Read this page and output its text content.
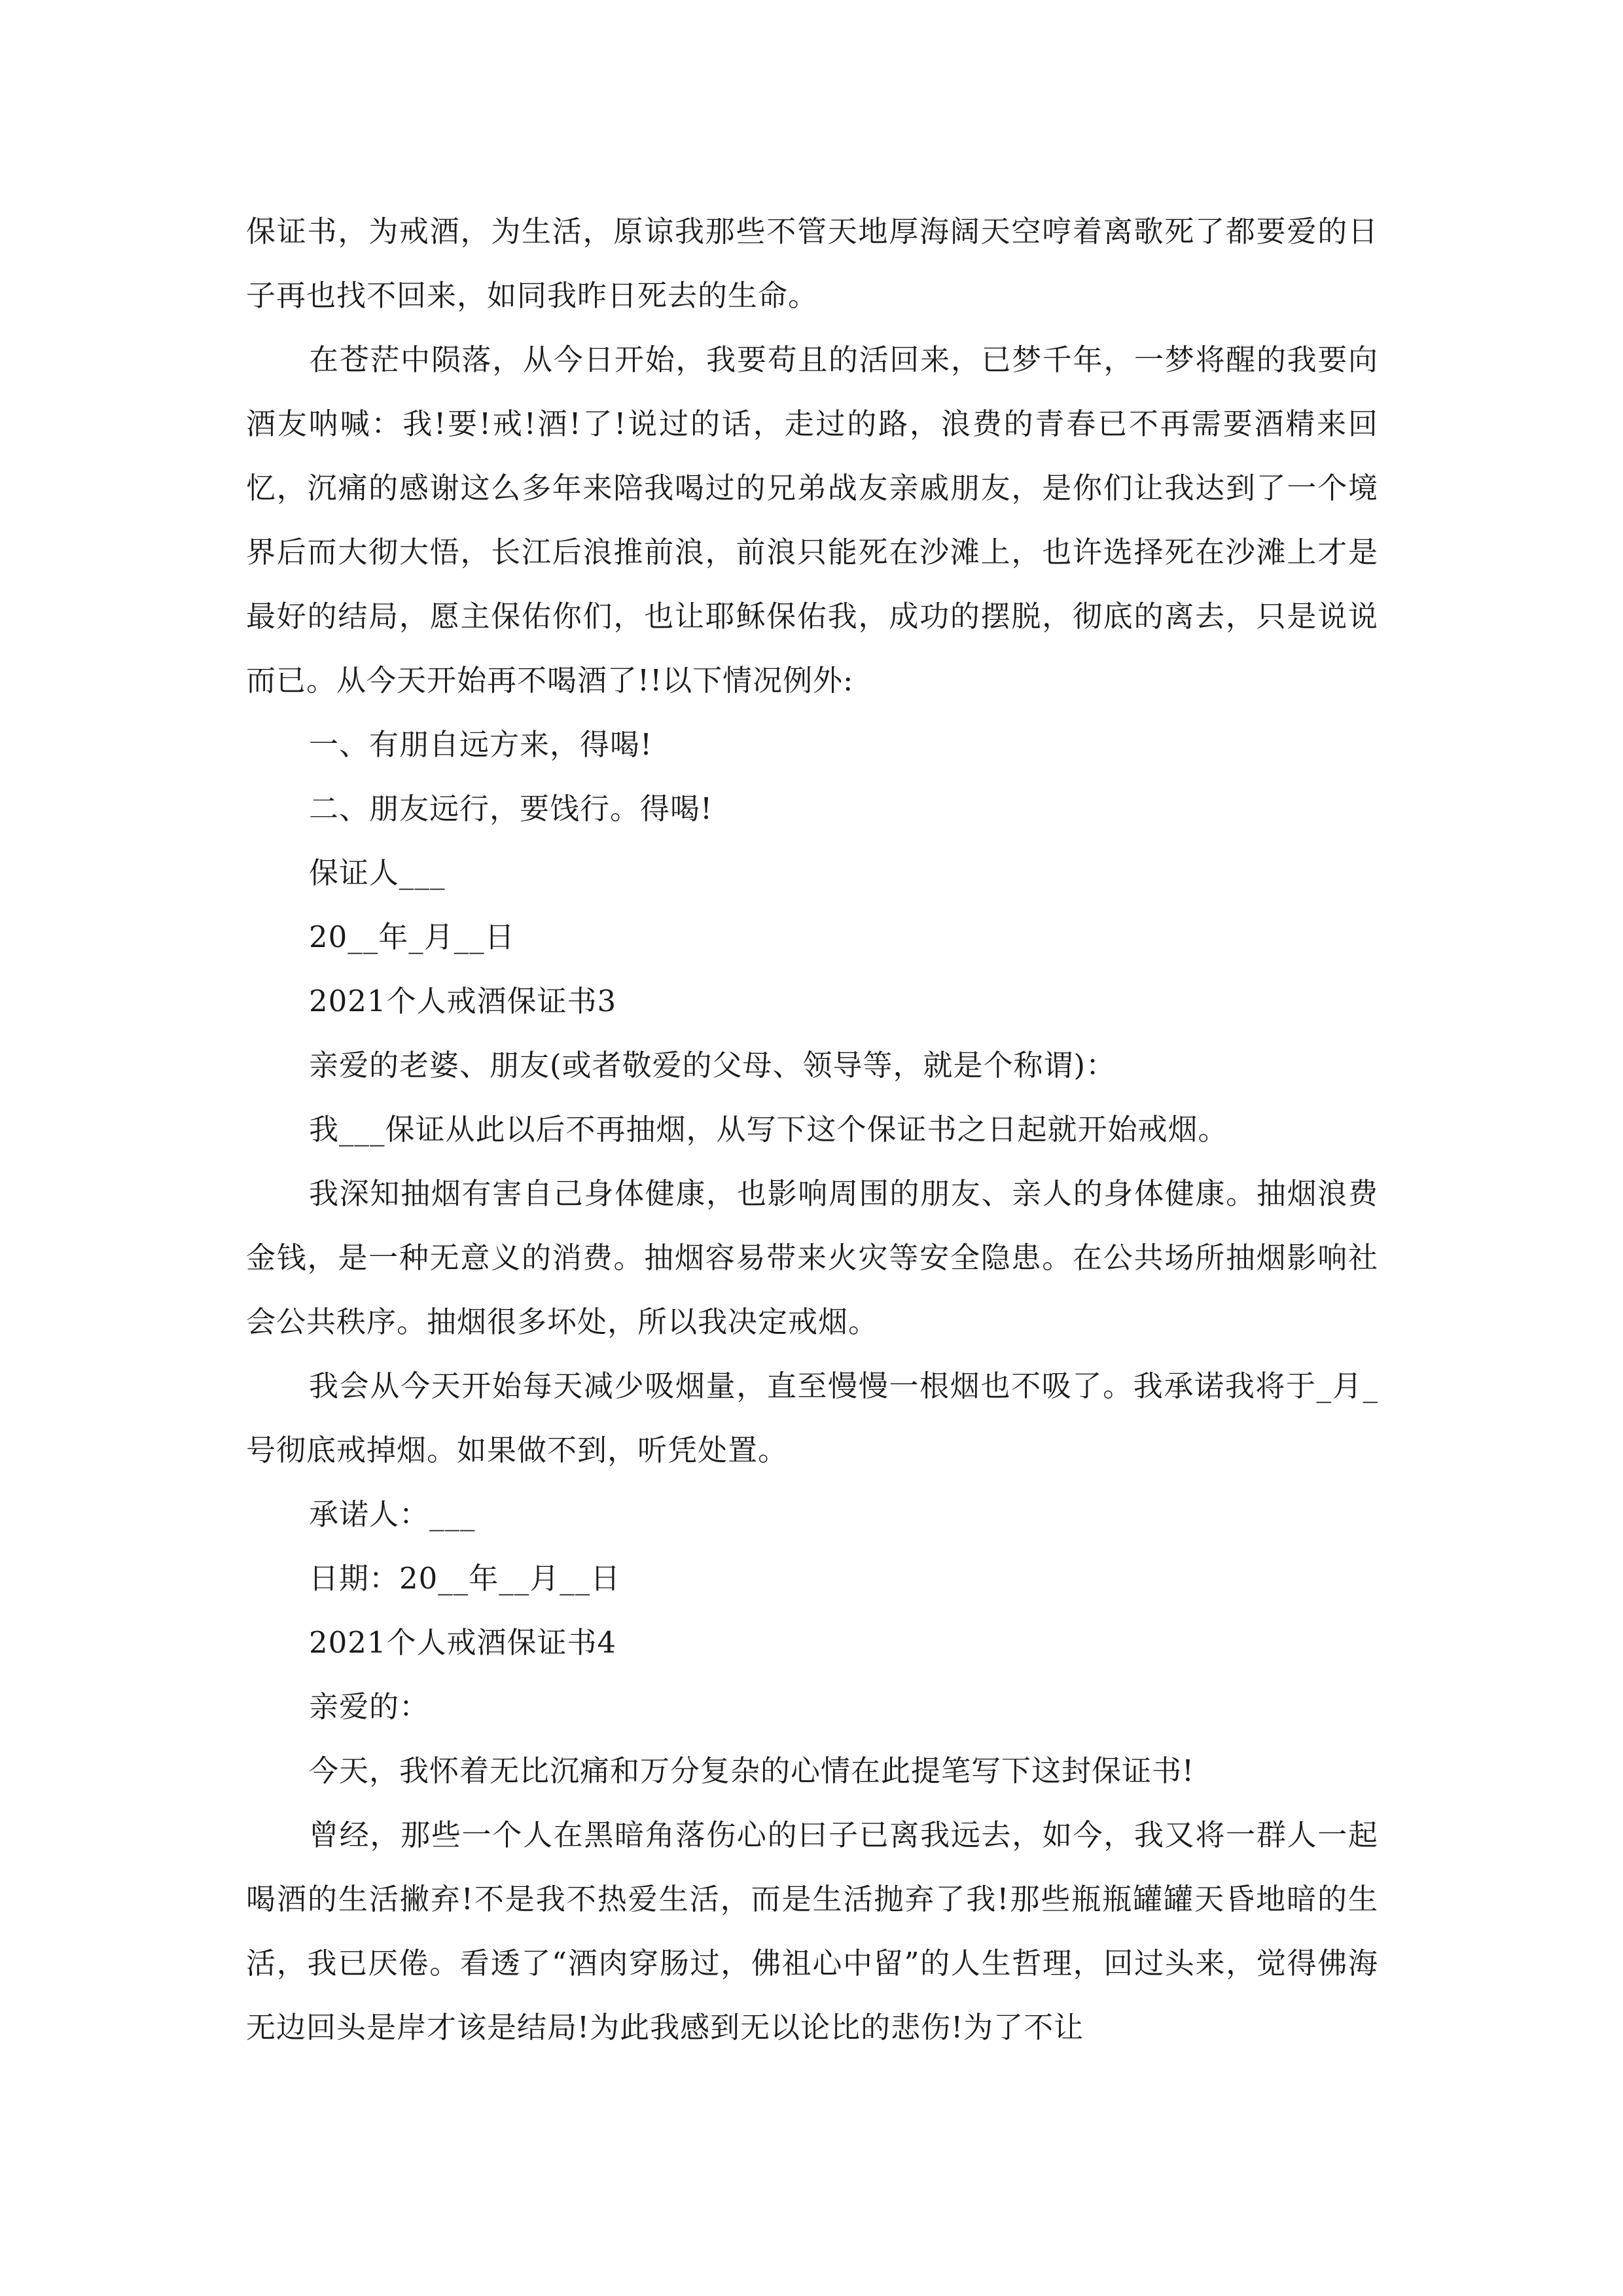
保证书，为戒酒，为生活，原谅我那些不管天地厚海阔天空哼着离歌死了都要爱的日子再也找不回来，如同我昨日死去的生命。

在苍茫中陨落，从今日开始，我要苟且的活回来，已梦千年，一梦将醒的我要向酒友呐喊：我!要!戒!酒!了!说过的话，走过的路，浪费的青春已不再需要酒精来回忆，沉痛的感谢这么多年来陪我喝过的兄弟战友亲戚朋友，是你们让我达到了一个境界后而大彻大悟，长江后浪推前浪，前浪只能死在沙滩上，也许选择死在沙滩上才是最好的结局，愿主保佑你们，也让耶稣保佑我，成功的摆脱，彻底的离去，只是说说而已。从今天开始再不喝酒了!!以下情况例外:

一、有朋自远方来，得喝!

二、朋友远行，要饯行。得喝!

保证人___

20__年_月__日

2021个人戒酒保证书3

亲爱的老婆、朋友(或者敬爱的父母、领导等，就是个称谓)：

我___保证从此以后不再抽烟，从写下这个保证书之日起就开始戒烟。

我深知抽烟有害自己身体健康，也影响周围的朋友、亲人的身体健康。抽烟浪费金钱，是一种无意义的消费。抽烟容易带来火灾等安全隐患。在公共场所抽烟影响社会公共秩序。抽烟很多坏处，所以我决定戒烟。

我会从今天开始每天减少吸烟量，直至慢慢一根烟也不吸了。我承诺我将于_月_号彻底戒掉烟。如果做不到，听凭处置。

承诺人：___

日期：20__年__月__日

2021个人戒酒保证书4

亲爱的：

今天，我怀着无比沉痛和万分复杂的心情在此提笔写下这封保证书!

曾经，那些一个人在黑暗角落伤心的曰子已离我远去，如今，我又将一群人一起喝酒的生活撇弃!不是我不热爱生活，而是生活抛弃了我!那些瓶瓶罐罐天昏地暗的生活，我已厌倦。看透了“酒肉穿肠过，佛祖心中留”的人生哲理，回过头来，觉得佛海无边回头是岸才该是结局!为此我感到无以论比的悲伤!为了不让
